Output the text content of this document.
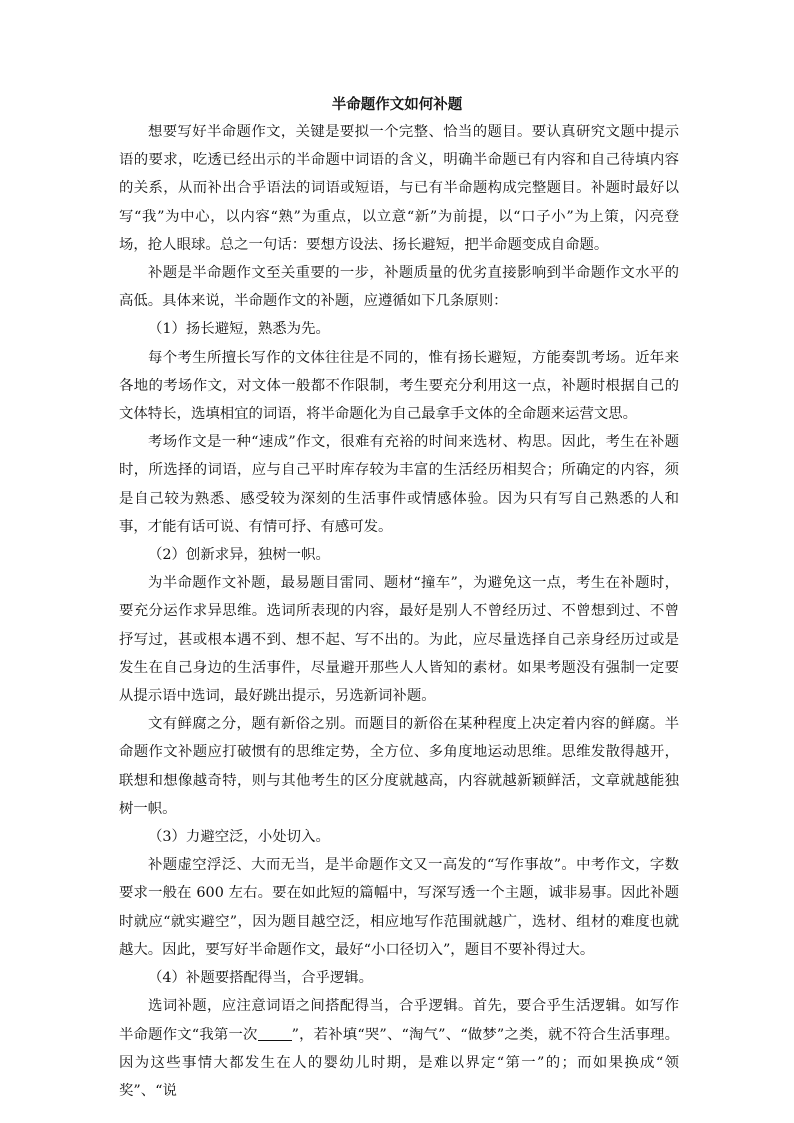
半命题作文如何补题

想要写好半命题作文，关键是要拟一个完整、恰当的题目。要认真研究文题中提示语的要求，吃透已经出示的半命题中词语的含义，明确半命题已有内容和自己待填内容的关系，从而补出合乎语法的词语或短语，与已有半命题构成完整题目。补题时最好以写“我”为中心，以内容“熟”为重点，以立意“新”为前提，以“口子小”为上策，闪亮登场，抢人眼球。总之一句话：要想方设法、扬长避短，把半命题变成自命题。

补题是半命题作文至关重要的一步，补题质量的优劣直接影响到半命题作文水平的高低。具体来说，半命题作文的补题，应遵循如下几条原则：

（1）扬长避短，熟悉为先。

每个考生所擅长写作的文体往往是不同的，惟有扬长避短，方能奏凯考场。近年来各地的考场作文，对文体一般都不作限制，考生要充分利用这一点，补题时根据自己的文体特长，选填相宜的词语，将半命题化为自己最拿手文体的全命题来运营文思。

考场作文是一种“速成”作文，很难有充裕的时间来选材、构思。因此，考生在补题时，所选择的词语，应与自己平时库存较为丰富的生活经历相契合；所确定的内容，须是自己较为熟悉、感受较为深刻的生活事件或情感体验。因为只有写自己熟悉的人和事，才能有话可说、有情可抒、有感可发。

（2）创新求异，独树一帜。

为半命题作文补题，最易题目雷同、题材“撞车”，为避免这一点，考生在补题时，要充分运作求异思维。选词所表现的内容，最好是别人不曾经历过、不曾想到过、不曾抒写过，甚或根本遇不到、想不起、写不出的。为此，应尽量选择自己亲身经历过或是发生在自己身边的生活事件，尽量避开那些人人皆知的素材。如果考题没有强制一定要从提示语中选词，最好跳出提示，另选新词补题。

文有鲜腐之分，题有新俗之别。而题目的新俗在某种程度上决定着内容的鲜腐。半命题作文补题应打破惯有的思维定势，全方位、多角度地运动思维。思维发散得越开，联想和想像越奇特，则与其他考生的区分度就越高，内容就越新颖鲜活，文章就越能独树一帜。

（3）力避空泛，小处切入。

补题虚空浮泛、大而无当，是半命题作文又一高发的“写作事故”。中考作文，字数要求一般在 600 左右。要在如此短的篇幅中，写深写透一个主题，诚非易事。因此补题时就应“就实避空”，因为题目越空泛，相应地写作范围就越广，选材、组材的难度也就越大。因此，要写好半命题作文，最好“小口径切入”，题目不要补得过大。

（4）补题要搭配得当，合乎逻辑。

选词补题，应注意词语之间搭配得当，合乎逻辑。首先，要合乎生活逻辑。如写作半命题作文“我第一次 ”，若补填“哭”、“淘气”、“做梦”之类，就不符合生活事理。因为这些事情大都发生在人的婴幼儿时期，是难以界定“第一”的；而如果换成“领奖”、“说
